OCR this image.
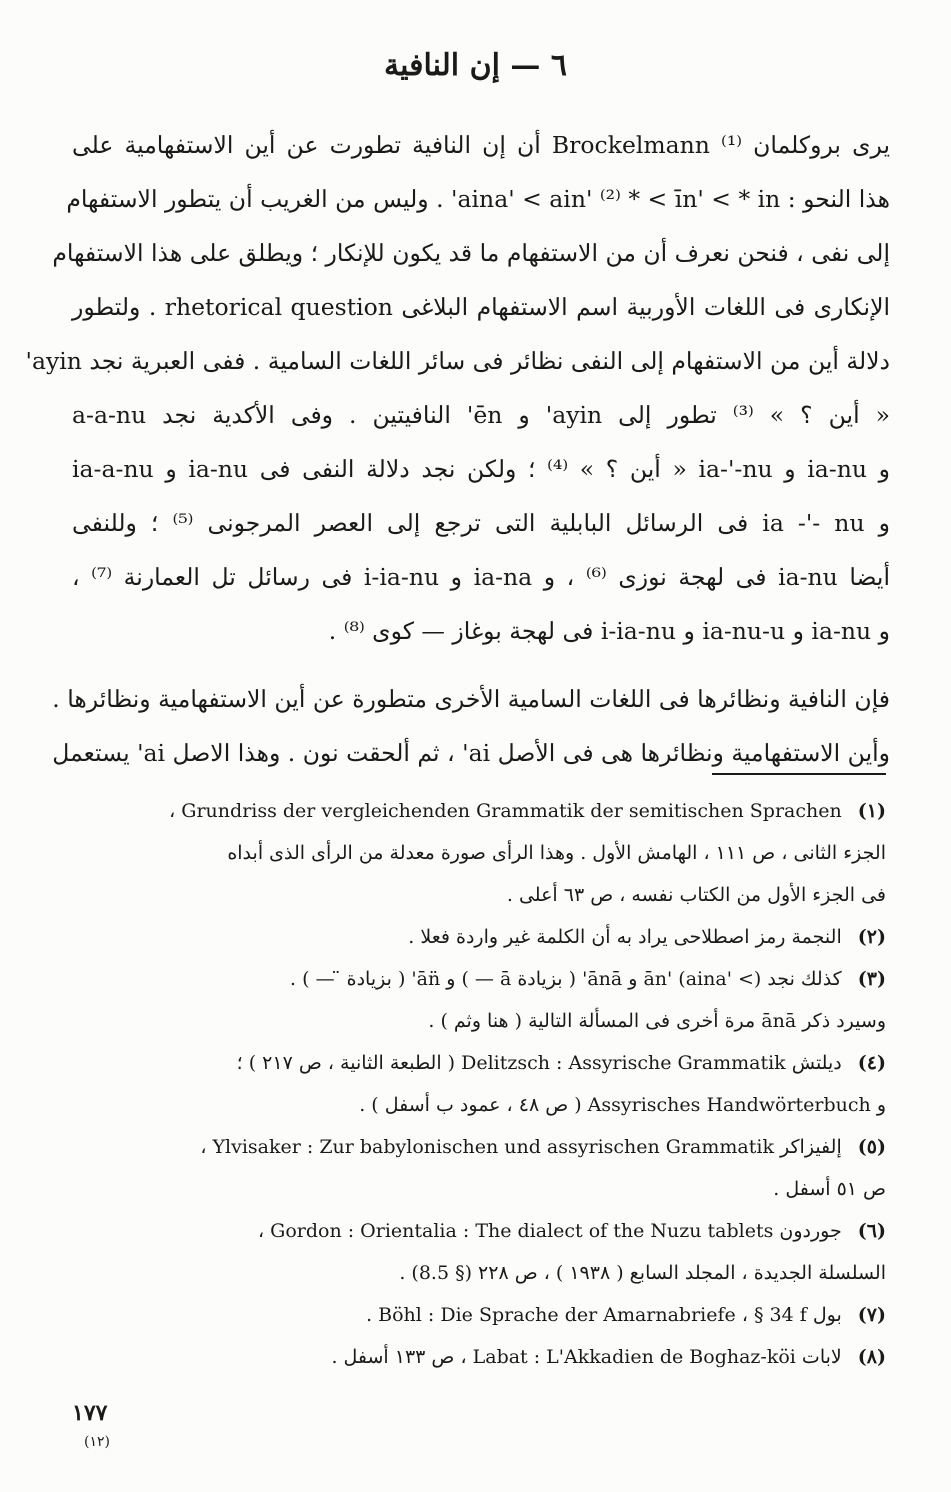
٦ — إن النافية

يرى بروكلمان Brockelmann ⁽¹⁾ أن إن النافية تطورت عن أين الاستفهامية على
هذا النحو : aina' < ain' ⁽²⁾ * < īn' < * in' . وليس من الغريب أن يتطور الاستفهام
إلى نفى ، فنحن نعرف أن من الاستفهام ما قد يكون للإنكار ؛ ويطلق على هذا الاستفهام
الإنكارى فى اللغات الأوربية اسم الاستفهام البلاغى rhetorical question . ولتطور
دلالة أين من الاستفهام إلى النفى نظائر فى سائر اللغات السامية . ففى العبرية نجد ayin'
« أين ؟ » ⁽³⁾ تطور إلى ayin' و ēn' النافيتين . وفى الأكدية نجد a-a-nu
و ia-nu و ia-'-nu « أين ؟ » ⁽⁴⁾ ؛ ولكن نجد دلالة النفى فى ia-nu و ia-a-nu
و ia -'- nu فى الرسائل البابلية التى ترجع إلى العصر المرجونى ⁽⁵⁾ ؛ وللنفى
أيضا ia-nu فى لهجة نوزى ⁽⁶⁾ ، و ia-na و i-ia-nu فى رسائل تل العمارنة ⁽⁷⁾ ،
و ia-nu و ia-nu-u و i-ia-nu فى لهجة بوغاز — كوى ⁽⁸⁾ .

فإن النافية ونظائرها فى اللغات السامية الأخرى متطورة عن أين الاستفهامية ونظائرها .
وأين الاستفهامية ونظائرها هى فى الأصل ai' ، ثم ألحقت نون . وهذا الاصل ai' يستعمل

(١) Grundriss der vergleichenden Grammatik der semitischen Sprachen ،
الجزء الثانى ، ص ١١١ ، الهامش الأول . وهذا الرأى صورة معدلة من الرأى الذى أبداه
فى الجزء الأول من الكتاب نفسه ، ص ٦٣ أعلى .
(٢) النجمة رمز اصطلاحى يراد به أن الكلمة غير واردة فعلا .
(٣) كذلك نجد ān' (aina' <) و ānā' ( بزيادة ā — ) و ān̈' ( بزيادة ̈ — ) .
وسيرد ذكر ānā مرة أخرى فى المسألة التالية ( هنا وثم ) .
(٤) ديلتش Delitzsch : Assyrische Grammatik ( الطبعة الثانية ، ص ٢١٧ ) ؛
و Assyrisches Handwörterbuch ( ص ٤٨ ، عمود ب أسفل ) .
(٥) إلفيزاكر Ylvisaker : Zur babylonischen und assyrischen Grammatik ،
ص ٥١ أسفل .
(٦) جوردون Gordon : Orientalia : The dialect of the Nuzu tablets ،
السلسلة الجديدة ، المجلد السابع ( ١٩٣٨ ) ، ص ٢٢٨ (§ 8.5) .
(٧) بول Böhl : Die Sprache der Amarnabriefe ، § 34 f .
(٨) لابات Labat : L'Akkadien de Boghaz-köi ، ص ١٣٣ أسفل .
١٧٧
(١٢)
